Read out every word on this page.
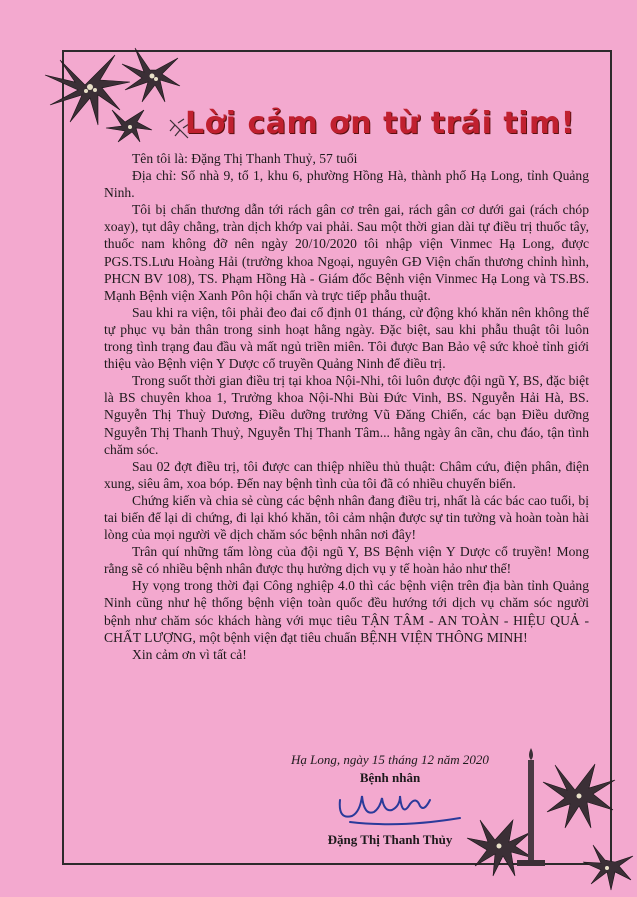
Lời cảm ơn từ trái tim!

Tên tôi là: Đặng Thị Thanh Thuỷ, 57 tuổi

Địa chỉ: Số nhà 9, tổ 1, khu 6, phường Hồng Hà, thành phố Hạ Long, tỉnh Quảng Ninh.

Tôi bị chấn thương dẫn tới rách gân cơ trên gai, rách gân cơ dưới gai (rách chóp xoay), tụt dây chằng, tràn dịch khớp vai phải. Sau một thời gian dài tự điều trị thuốc tây, thuốc nam không đỡ nên ngày 20/10/2020 tôi nhập viện Vinmec Hạ Long, được PGS.TS.Lưu Hoàng Hải (trưởng khoa Ngoại, nguyên GĐ Viện chấn thương chỉnh hình, PHCN BV 108), TS. Phạm Hồng Hà - Giám đốc Bệnh viện Vinmec Hạ Long và TS.BS. Mạnh Bệnh viện Xanh Pôn hội chẩn và trực tiếp phẫu thuật.

Sau khi ra viện, tôi phải đeo đai cố định 01 tháng, cử động khó khăn nên không thể tự phục vụ bản thân trong sinh hoạt hằng ngày. Đặc biệt, sau khi phẫu thuật tôi luôn trong tình trạng đau đầu và mất ngủ triền miên. Tôi được Ban Bảo vệ sức khoẻ tỉnh giới thiệu vào Bệnh viện Y Dược cổ truyền Quảng Ninh để điều trị.

Trong suốt thời gian điều trị tại khoa Nội-Nhi, tôi luôn được đội ngũ Y, BS, đặc biệt là BS chuyên khoa 1, Trưởng khoa Nội-Nhi Bùi Đức Vinh, BS. Nguyễn Hải Hà, BS. Nguyễn Thị Thuỳ Dương, Điều dưỡng trưởng Vũ Đăng Chiến, các bạn Điều dưỡng Nguyễn Thị Thanh Thuỷ, Nguyễn Thị Thanh Tâm... hằng ngày ân cần, chu đáo, tận tình chăm sóc.

Sau 02 đợt điều trị, tôi được can thiệp nhiều thủ thuật: Châm cứu, điện phân, điện xung, siêu âm, xoa bóp. Đến nay bệnh tình của tôi đã có nhiều chuyển biến.

Chứng kiến và chia sẻ cùng các bệnh nhân đang điều trị, nhất là các bác cao tuổi, bị tai biến để lại di chứng, đi lại khó khăn, tôi cảm nhận được sự tin tưởng và hoàn toàn hài lòng của mọi người về dịch chăm sóc bệnh nhân nơi đây!

Trân quí những tấm lòng của đội ngũ Y, BS Bệnh viện Y Dược cổ truyền! Mong rằng sẽ có nhiều bệnh nhân được thụ hưởng dịch vụ y tế hoàn hảo như thế!

Hy vọng trong thời đại Công nghiệp 4.0 thì các bệnh viện trên địa bàn tỉnh Quảng Ninh cũng như hệ thống bệnh viện toàn quốc đều hướng tới dịch vụ chăm sóc người bệnh như chăm sóc khách hàng với mục tiêu TẬN TÂM - AN TOÀN - HIỆU QUẢ - CHẤT LƯỢNG, một bệnh viện đạt tiêu chuẩn BỆNH VIỆN THÔNG MINH!

Xin cảm ơn vì tất cả!

Hạ Long, ngày 15 tháng 12 năm 2020
Bệnh nhân
Đặng Thị Thanh Thủy
